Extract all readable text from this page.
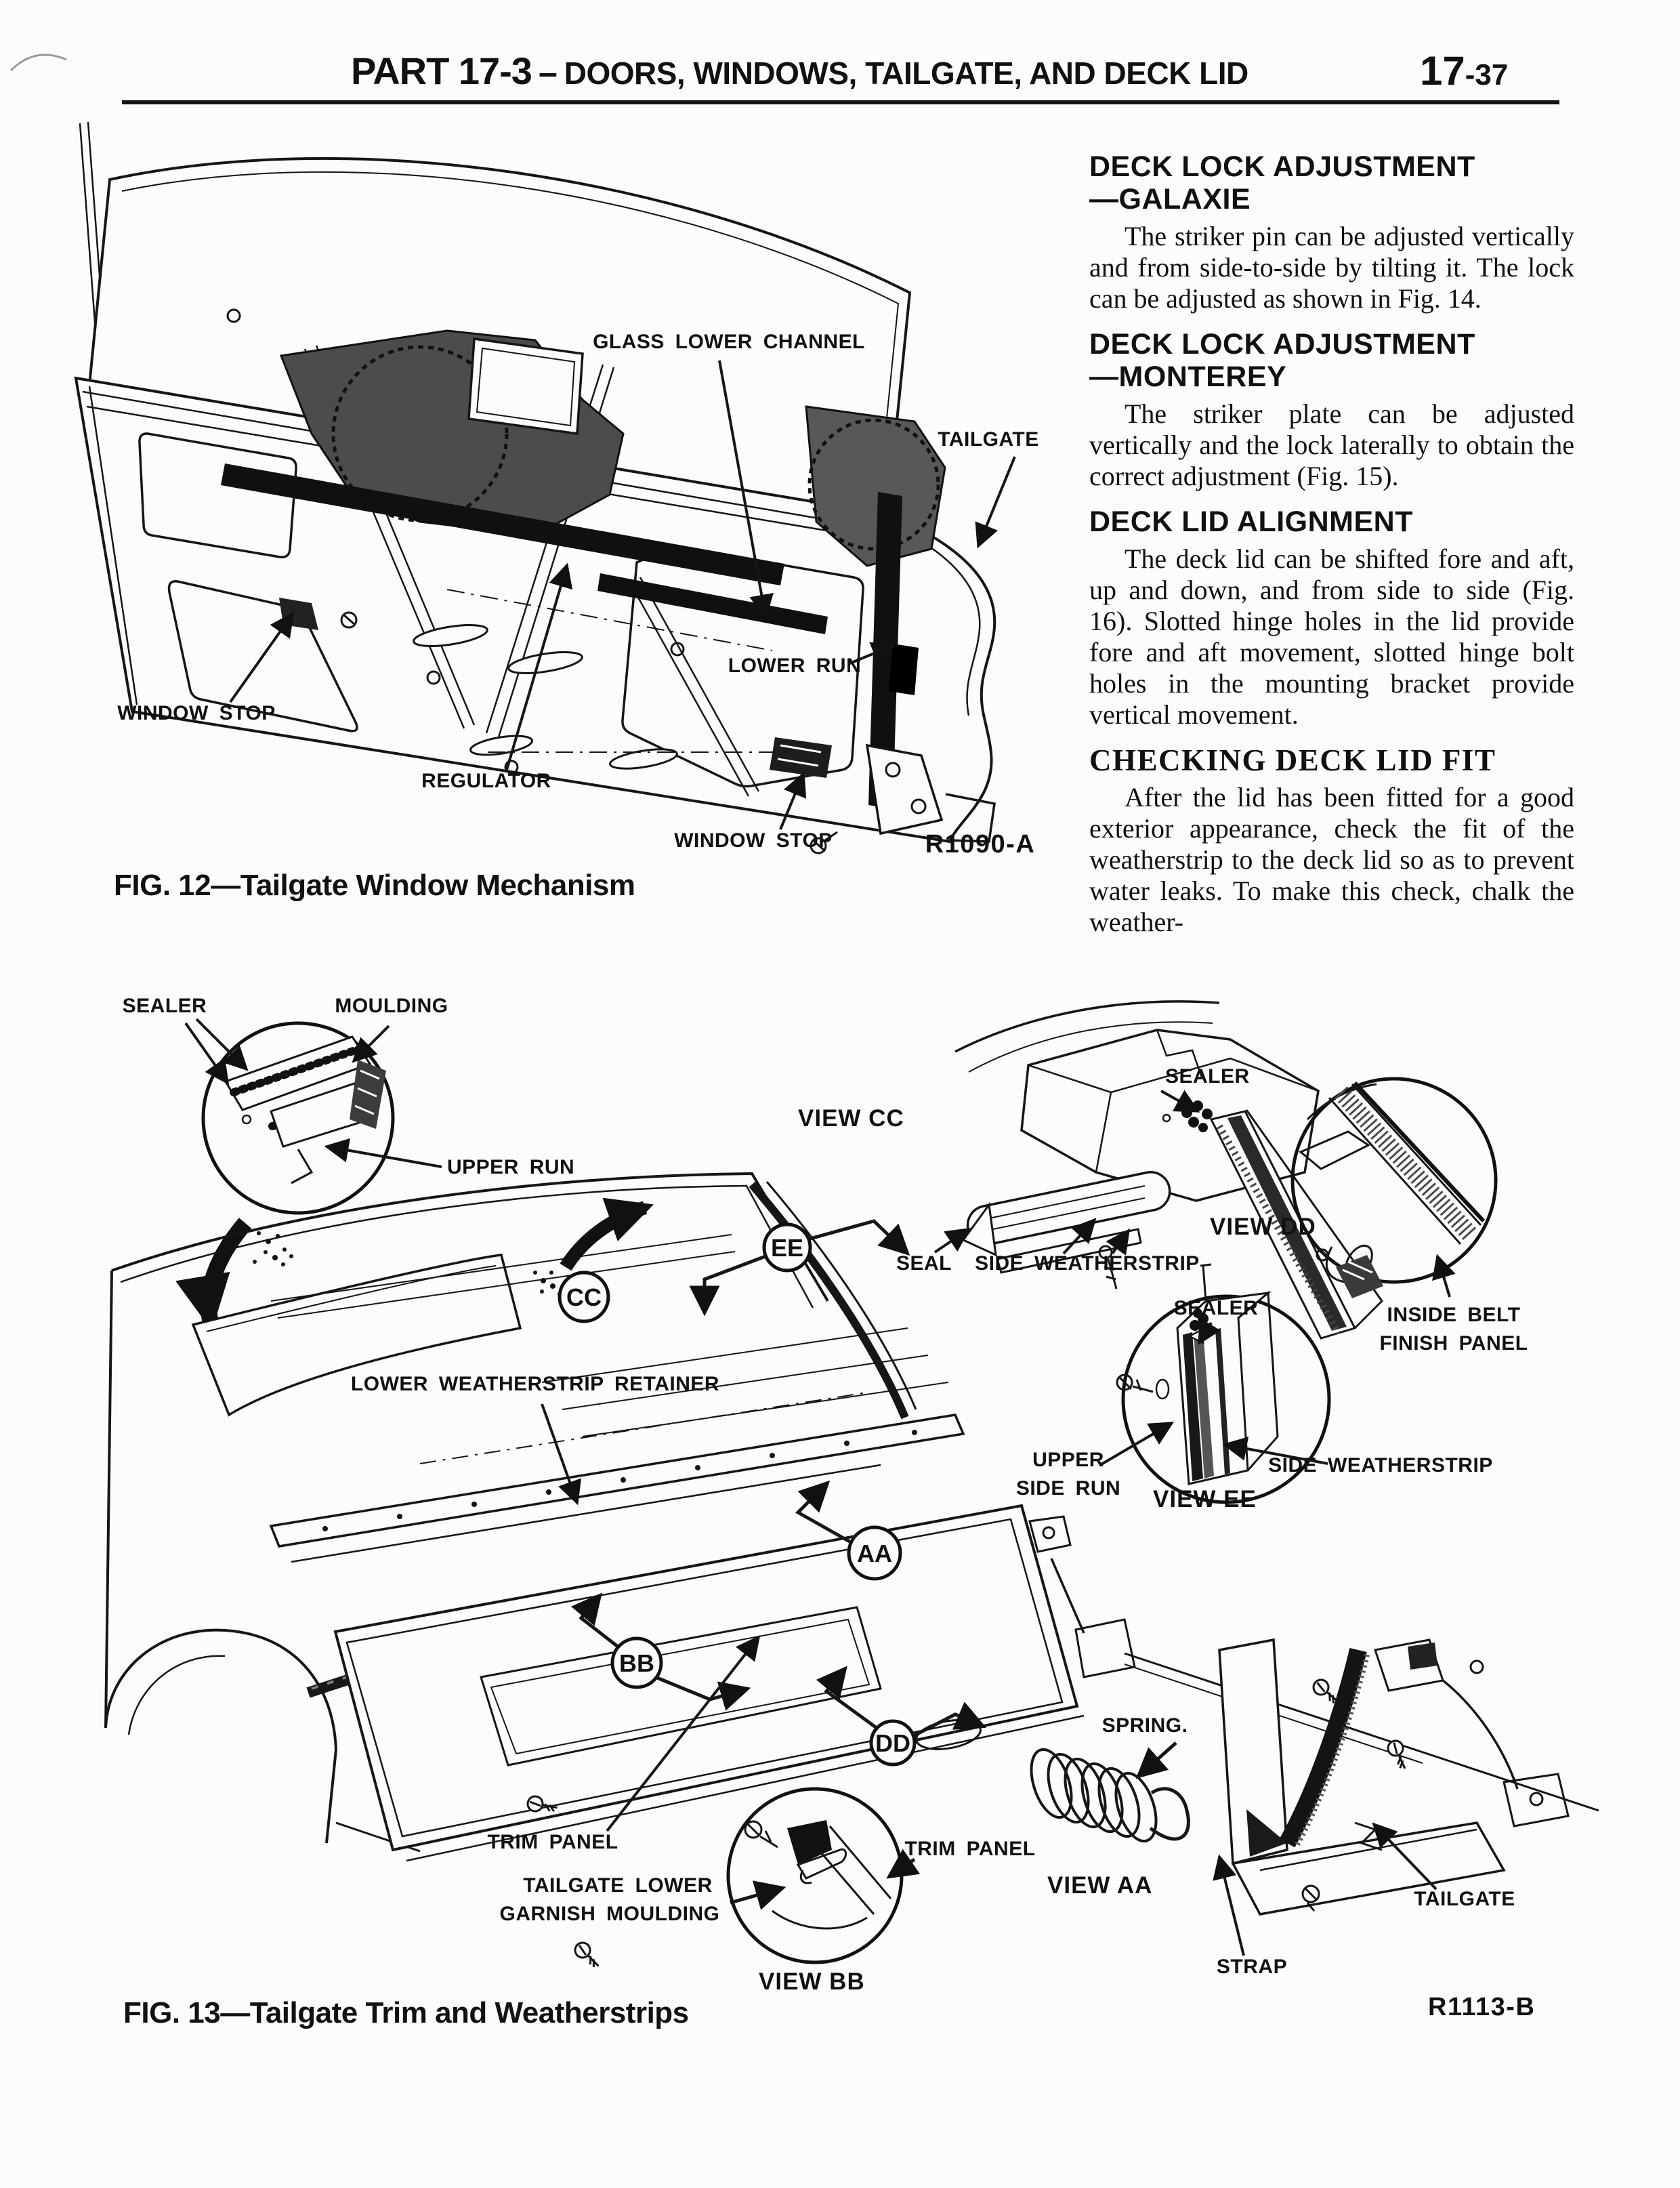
PART 17-3 – DOORS, WINDOWS, TAILGATE, AND DECK LID	17-37
DECK LOCK ADJUSTMENT
—GALAXIE

The striker pin can be adjusted vertically and from side-to-side by tilting it. The lock can be adjusted as shown in Fig. 14.

DECK LOCK ADJUSTMENT
—MONTEREY

The striker plate can be adjusted vertically and the lock laterally to obtain the correct adjustment (Fig. 15).

DECK LID ALIGNMENT

The deck lid can be shifted fore and aft, up and down, and from side to side (Fig. 16). Slotted hinge holes in the lid provide fore and aft movement, slotted hinge bolt holes in the mounting bracket provide vertical movement.

CHECKING DECK LID FIT

After the lid has been fitted for a good exterior appearance, check the fit of the weatherstrip to the deck lid so as to prevent water leaks. To make this check, chalk the weather-

GLASS LOWER CHANNEL
TAILGATE
LOWER RUN
WINDOW STOP
REGULATOR
WINDOW STOP	R1090-A
FIG. 12—Tailgate Window Mechanism
SEALER	MOULDING
UPPER RUN
CC
EE
AA
BB
DD
VIEW CC
SEALER
SEAL SIDE WEATHERSTRIP
VIEW DD
INSIDE BELT
FINISH PANEL
SEALER
UPPER
SIDE RUN
SIDE WEATHERSTRIP
VIEW EE
LOWER WEATHERSTRIP RETAINER
SPRING.
VIEW AA
TAILGATE
STRAP
R1113-B
TRIM PANEL
TAILGATE LOWER
GARNISH MOULDING
TRIM PANEL
VIEW BB
FIG. 13—Tailgate Trim and Weatherstrips
